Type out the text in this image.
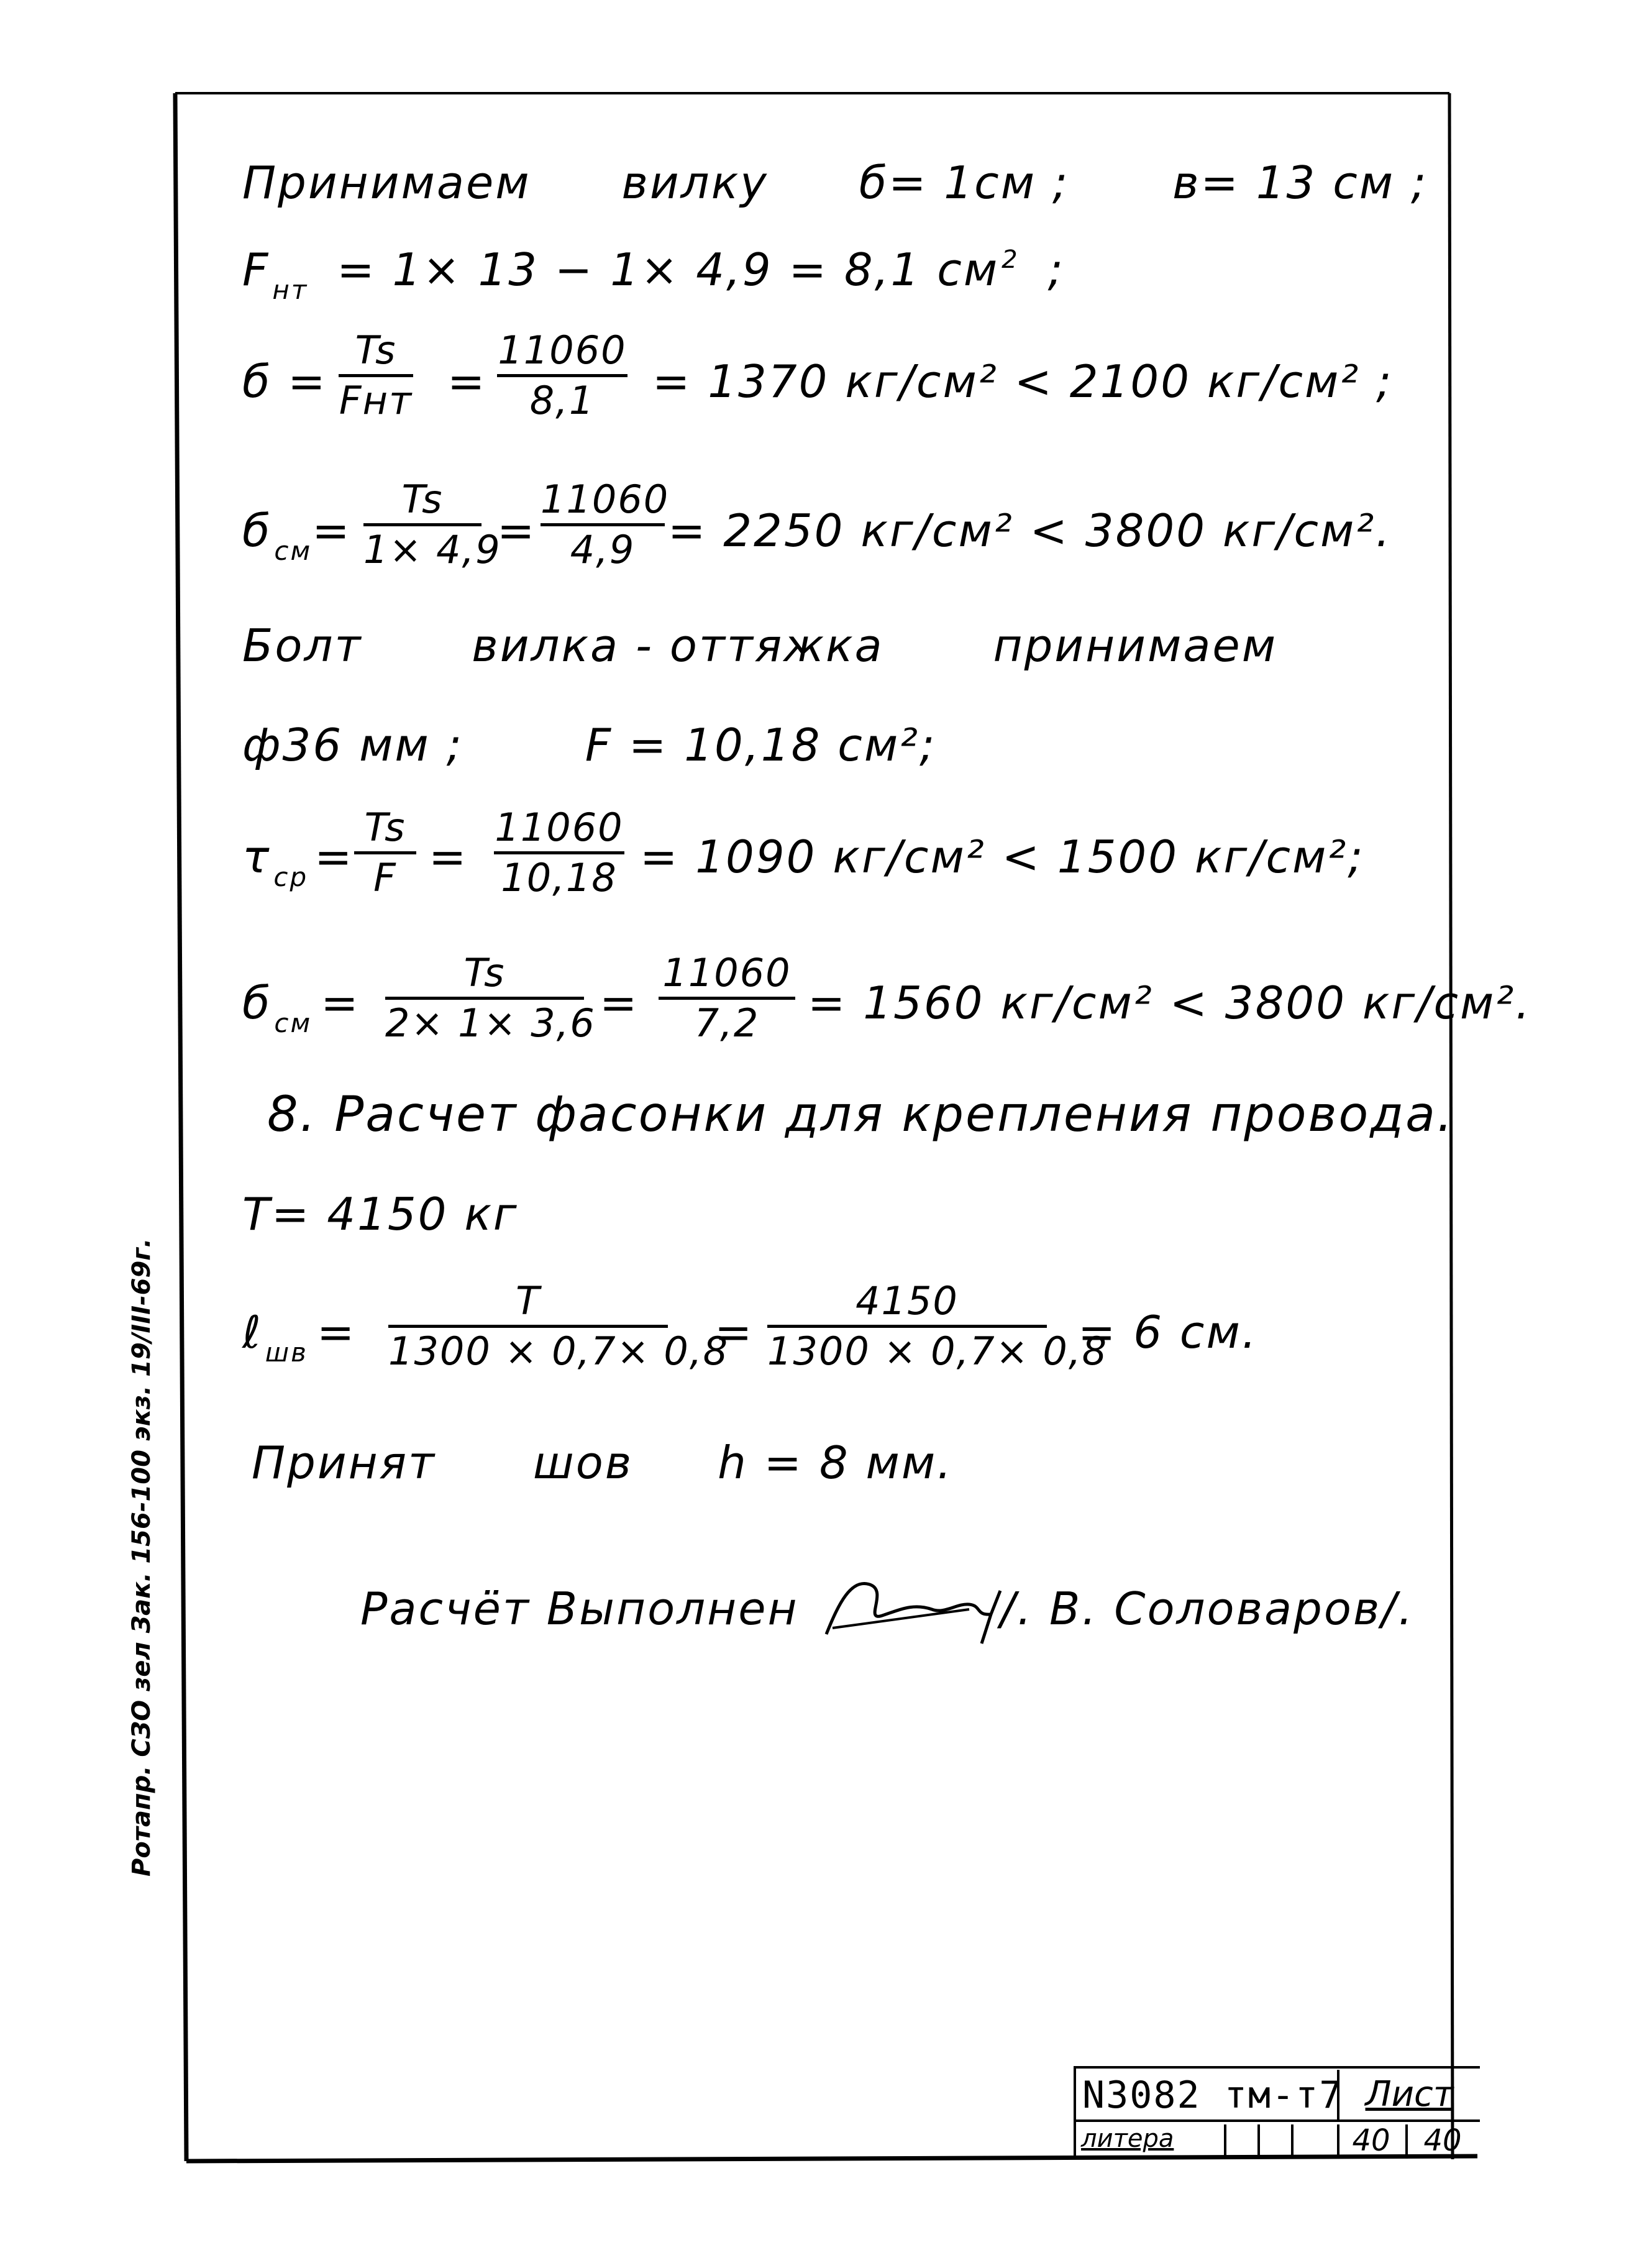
Принимаем вилку б= 1см ; в= 13 см ;
$F_{нт} = 1\times 13 - 1\times 4,9 = 8,1$ см $^2$ ;
б =
Ts
Fнт =
11060
8,1	= 1370 кг/см² < 2100 кг/см² ;
$б_{см}=$
Ts
1× 4,9
=
11060
4,9 = 2250 кг/см² < 3800 кг/см².
Болт вилка - оттяжка принимаем
ф36 мм ;	F = 10,18 см²;
$\tau_{ср}$ =
Ts
F =
11060
10,18 = 1090 кг/см² < 1500 кг/см²;
$б_{см}$ =
Ts
2× 1× 3,6 =
11060
7,2	= 1560 кг/см² < 3800 кг/см².
8. Расчет фасонки для крепления провода.
T= 4150 кг
ℓ$_{шв}$ =
T
1300 × 0,7× 0,8
=
4150
1300 × 0,7× 0,8
= 6 см.
Принят шов h = 8 мм.
Расчёт Выполнен	/. В. Соловаров/.
Ротапр. СЗО зел Зак. 156-100 экз. 19/III-69г.
N3082 тм-т7 Лист
литера	40	40
